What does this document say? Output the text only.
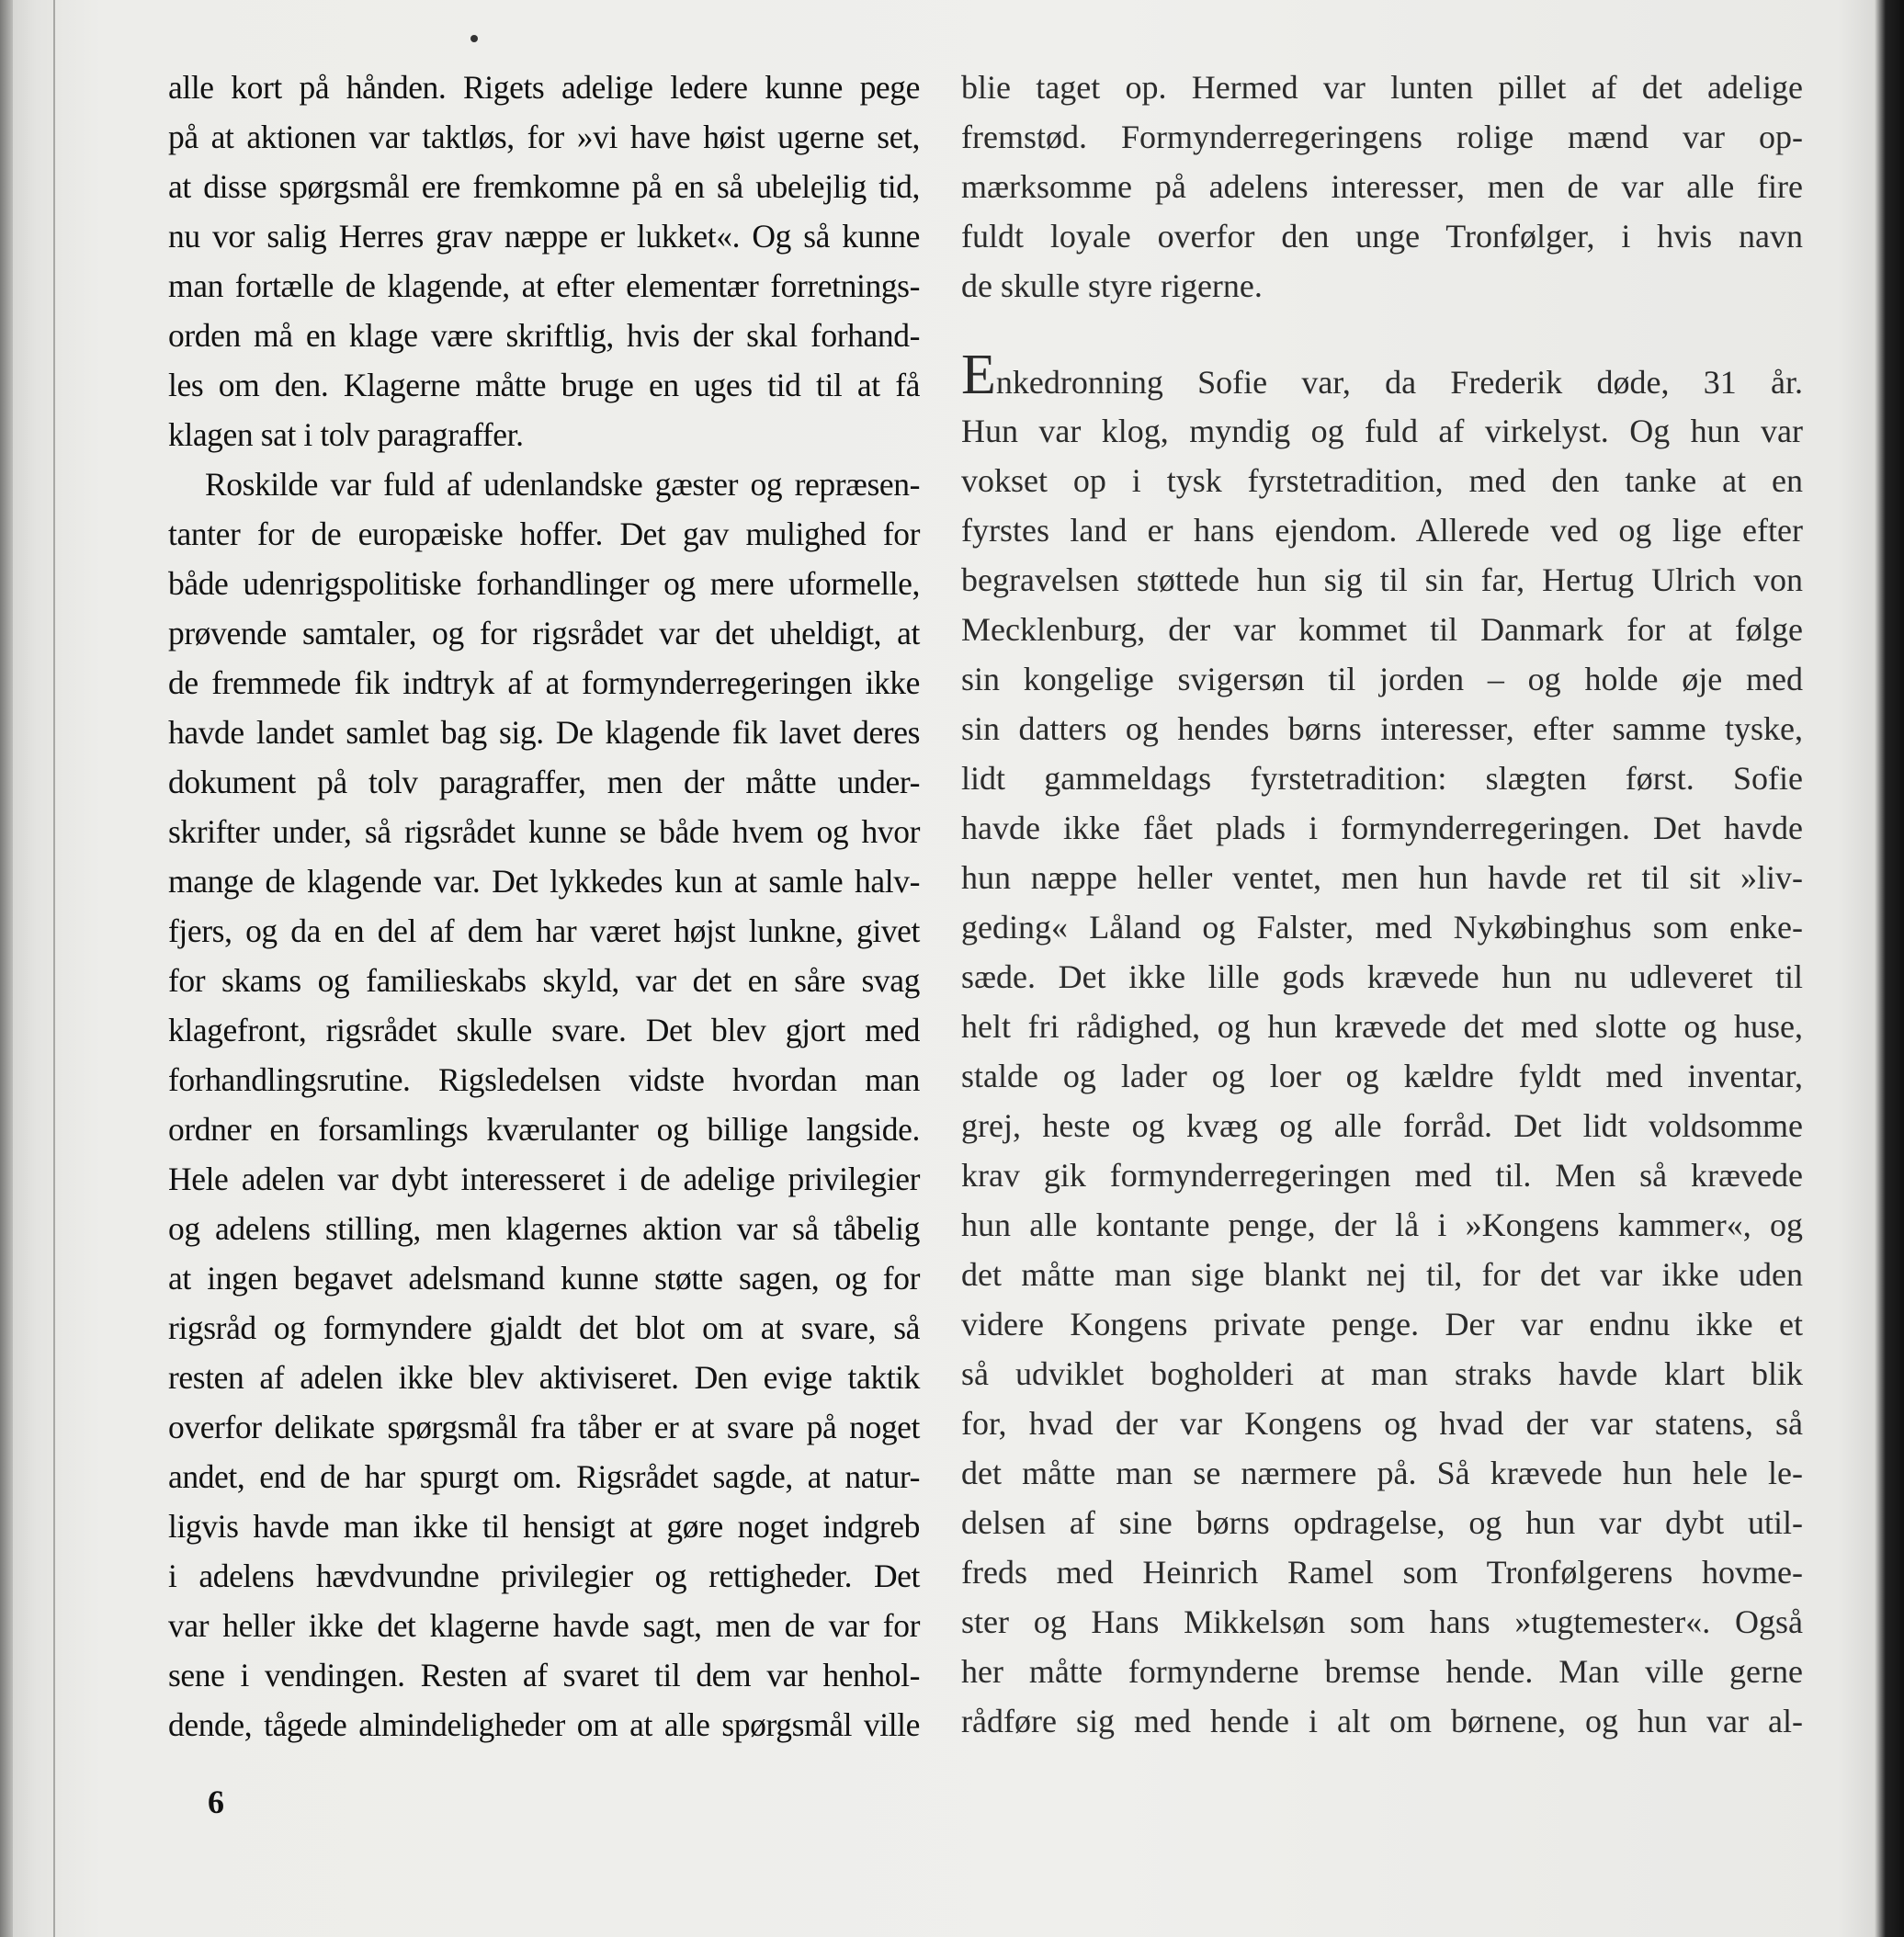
alle kort på hånden. Rigets adelige ledere kunne pege
på at aktionen var taktløs, for »vi have høist ugerne set,
at disse spørgsmål ere fremkomne på en så ubelejlig tid,
nu vor salig Herres grav næppe er lukket«. Og så kunne
man fortælle de klagende, at efter elementær forretnings-
orden må en klage være skriftlig, hvis der skal forhand-
les om den. Klagerne måtte bruge en uges tid til at få
klagen sat i tolv paragraffer.
Roskilde var fuld af udenlandske gæster og repræsen-
tanter for de europæiske hoffer. Det gav mulighed for
både udenrigspolitiske forhandlinger og mere uformelle,
prøvende samtaler, og for rigsrådet var det uheldigt, at
de fremmede fik indtryk af at formynderregeringen ikke
havde landet samlet bag sig. De klagende fik lavet deres
dokument på tolv paragraffer, men der måtte under-
skrifter under, så rigsrådet kunne se både hvem og hvor
mange de klagende var. Det lykkedes kun at samle halv-
fjers, og da en del af dem har været højst lunkne, givet
for skams og familieskabs skyld, var det en såre svag
klagefront, rigsrådet skulle svare. Det blev gjort med
forhandlingsrutine. Rigsledelsen vidste hvordan man
ordner en forsamlings kværulanter og billige langside.
Hele adelen var dybt interesseret i de adelige privilegier
og adelens stilling, men klagernes aktion var så tåbelig
at ingen begavet adelsmand kunne støtte sagen, og for
rigsråd og formyndere gjaldt det blot om at svare, så
resten af adelen ikke blev aktiviseret. Den evige taktik
overfor delikate spørgsmål fra tåber er at svare på noget
andet, end de har spurgt om. Rigsrådet sagde, at natur-
ligvis havde man ikke til hensigt at gøre noget indgreb
i adelens hævdvundne privilegier og rettigheder. Det
var heller ikke det klagerne havde sagt, men de var for
sene i vendingen. Resten af svaret til dem var henhol-
dende, tågede almindeligheder om at alle spørgsmål ville
blie taget op. Hermed var lunten pillet af det adelige
fremstød. Formynderregeringens rolige mænd var op-
mærksomme på adelens interesser, men de var alle fire
fuldt loyale overfor den unge Tronfølger, i hvis navn
de skulle styre rigerne.
Enkedronning Sofie var, da Frederik døde, 31 år.
Hun var klog, myndig og fuld af virkelyst. Og hun var
vokset op i tysk fyrstetradition, med den tanke at en
fyrstes land er hans ejendom. Allerede ved og lige efter
begravelsen støttede hun sig til sin far, Hertug Ulrich von
Mecklenburg, der var kommet til Danmark for at følge
sin kongelige svigersøn til jorden – og holde øje med
sin datters og hendes børns interesser, efter samme tyske,
lidt gammeldags fyrstetradition: slægten først. Sofie
havde ikke fået plads i formynderregeringen. Det havde
hun næppe heller ventet, men hun havde ret til sit »liv-
geding« Låland og Falster, med Nykøbinghus som enke-
sæde. Det ikke lille gods krævede hun nu udleveret til
helt fri rådighed, og hun krævede det med slotte og huse,
stalde og lader og loer og kældre fyldt med inventar,
grej, heste og kvæg og alle forråd. Det lidt voldsomme
krav gik formynderregeringen med til. Men så krævede
hun alle kontante penge, der lå i »Kongens kammer«, og
det måtte man sige blankt nej til, for det var ikke uden
videre Kongens private penge. Der var endnu ikke et
så udviklet bogholderi at man straks havde klart blik
for, hvad der var Kongens og hvad der var statens, så
det måtte man se nærmere på. Så krævede hun hele le-
delsen af sine børns opdragelse, og hun var dybt util-
freds med Heinrich Ramel som Tronfølgerens hovme-
ster og Hans Mikkelsøn som hans »tugtemester«. Også
her måtte formynderne bremse hende. Man ville gerne
rådføre sig med hende i alt om børnene, og hun var al-
6
